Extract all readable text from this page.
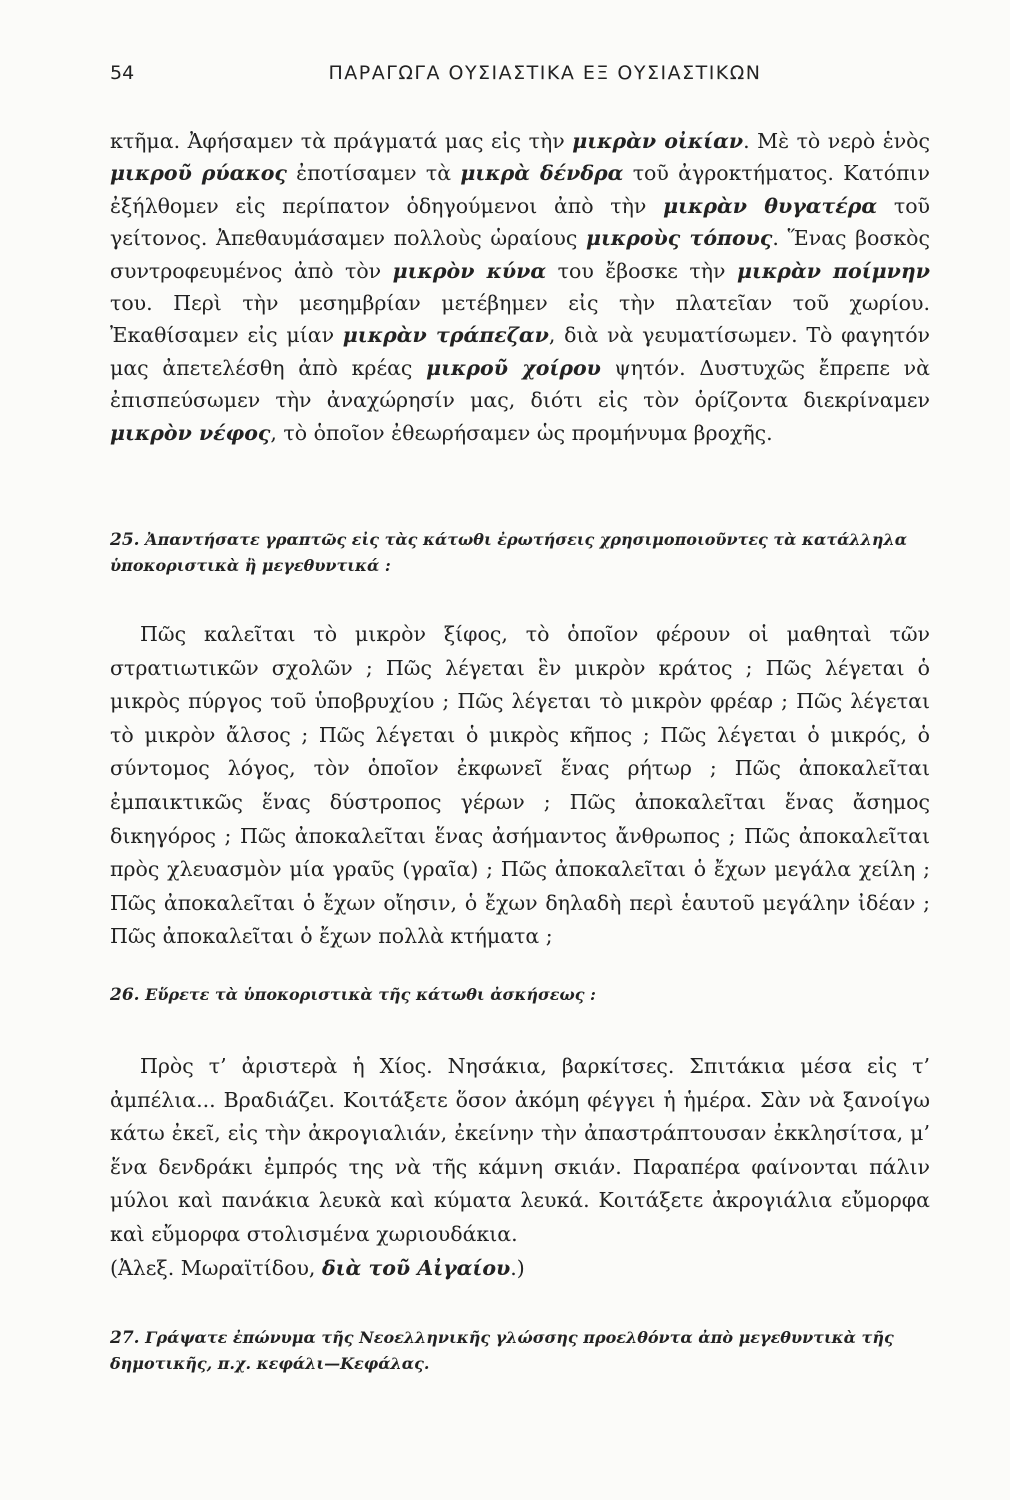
54	ΠΑΡΑΓΩΓΑ ΟΥΣΙΑΣΤΙΚΑ ΕΞ ΟΥΣΙΑΣΤΙΚΩΝ

κτῆμα. Ἀφήσαμεν τὰ πράγματά μας εἰς τὴν μικρὰν οἰκίαν. Μὲ τὸ νερὸ ἑνὸς μικροῦ ρύακος ἐποτίσαμεν τὰ μικρὰ δένδρα τοῦ ἀγροκτήματος. Κατόπιν ἐξήλθομεν εἰς περίπατον ὁδηγούμενοι ἀπὸ τὴν μικρὰν θυγατέρα τοῦ γείτονος. Ἀπεθαυμάσαμεν πολλοὺς ὡραίους μικροὺς τόπους. Ἕνας βοσκὸς συντροφευμένος ἀπὸ τὸν μικρὸν κύνα του ἔβοσκε τὴν μικρὰν ποίμνην του. Περὶ τὴν μεσημβρίαν μετέβημεν εἰς τὴν πλατεῖαν τοῦ χωρίου. Ἐκαθίσαμεν εἰς μίαν μικρὰν τράπεζαν, διὰ νὰ γευματίσωμεν. Τὸ φαγητόν μας ἀπετελέσθη ἀπὸ κρέας μικροῦ χοίρου ψητόν. Δυστυχῶς ἔπρεπε νὰ ἐπισπεύσωμεν τὴν ἀναχώρησίν μας, διότι εἰς τὸν ὁρίζοντα διεκρίναμεν μικρὸν νέφος, τὸ ὁποῖον ἐθεωρήσαμεν ὡς προμήνυμα βροχῆς.

25. Ἀπαντήσατε γραπτῶς εἰς τὰς κάτωθι ἐρωτήσεις χρησιμοποιοῦντες τὰ κατάλληλα ὑποκοριστικὰ ἢ μεγεθυντικά :

Πῶς καλεῖται τὸ μικρὸν ξίφος, τὸ ὁποῖον φέρουν οἱ μαθηταὶ τῶν στρατιωτικῶν σχολῶν ; Πῶς λέγεται ἓν μικρὸν κράτος ; Πῶς λέγεται ὁ μικρὸς πύργος τοῦ ὑποβρυχίου ; Πῶς λέγεται τὸ μικρὸν φρέαρ ; Πῶς λέγεται τὸ μικρὸν ἄλσος ; Πῶς λέγεται ὁ μικρὸς κῆπος ; Πῶς λέγεται ὁ μικρός, ὁ σύντομος λόγος, τὸν ὁποῖον ἐκφωνεῖ ἕνας ρήτωρ ; Πῶς ἀποκαλεῖται ἐμπαικτικῶς ἕνας δύστροπος γέρων ; Πῶς ἀποκαλεῖται ἕνας ἄσημος δικηγόρος ; Πῶς ἀποκαλεῖται ἕνας ἀσήμαντος ἄνθρωπος ; Πῶς ἀποκαλεῖται πρὸς χλευασμὸν μία γραῦς (γραῖα) ; Πῶς ἀποκαλεῖται ὁ ἔχων μεγάλα χείλη ; Πῶς ἀποκαλεῖται ὁ ἔχων οἴησιν, ὁ ἔχων δηλαδὴ περὶ ἑαυτοῦ μεγάλην ἰδέαν ; Πῶς ἀποκαλεῖται ὁ ἔχων πολλὰ κτήματα ;

26. Εὕρετε τὰ ὑποκοριστικὰ τῆς κάτωθι ἀσκήσεως :

Πρὸς τ’ ἀριστερὰ ἡ Χίος. Νησάκια, βαρκίτσες. Σπιτάκια μέσα εἰς τ’ ἀμπέλια... Βραδιάζει. Κοιτάξετε ὅσον ἀκόμη φέγγει ἡ ἡμέρα. Σὰν νὰ ξανοίγω κάτω ἐκεῖ, εἰς τὴν ἀκρογιαλιάν, ἐκείνην τὴν ἀπαστράπτουσαν ἐκκλησίτσα, μ’ ἕνα δενδράκι ἐμπρός της νὰ τῆς κάμνη σκιάν. Παραπέρα φαίνονται πάλιν μύλοι καὶ πανάκια λευκὰ καὶ κύματα λευκά. Κοιτάξετε ἀκρογιάλια εὔμορφα καὶ εὔμορφα στολισμένα χωριουδάκια.
(Ἀλεξ. Μωραϊτίδου, διὰ τοῦ Αἰγαίου.)

27. Γράψατε ἐπώνυμα τῆς Νεοελληνικῆς γλώσσης προελθόντα ἀπὸ μεγεθυντικὰ τῆς δημοτικῆς, π.χ. κεφάλι—Κεφάλας.
